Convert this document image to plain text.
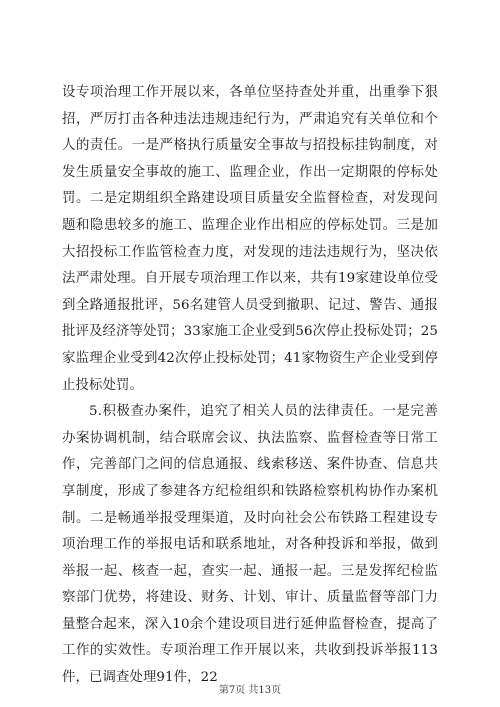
设专项治理工作开展以来，各单位坚持查处并重，出重拳下狠招，严厉打击各种违法违规违纪行为，严肃追究有关单位和个人的责任。一是严格执行质量安全事故与招投标挂钩制度，对发生质量安全事故的施工、监理企业，作出一定期限的停标处罚。二是定期组织全路建设项目质量安全监督检查，对发现问题和隐患较多的施工、监理企业作出相应的停标处罚。三是加大招投标工作监管检查力度，对发现的违法违规行为，坚决依法严肃处理。自开展专项治理工作以来，共有19家建设单位受到全路通报批评，56名建管人员受到撤职、记过、警告、通报批评及经济等处罚；33家施工企业受到56次停止投标处罚；25家监理企业受到42次停止投标处罚；41家物资生产企业受到停止投标处罚。

5.积极查办案件，追究了相关人员的法律责任。一是完善办案协调机制，结合联席会议、执法监察、监督检查等日常工作，完善部门之间的信息通报、线索移送、案件协查、信息共享制度，形成了参建各方纪检组织和铁路检察机构协作办案机制。二是畅通举报受理渠道，及时向社会公布铁路工程建设专项治理工作的举报电话和联系地址，对各种投诉和举报，做到举报一起、核查一起，查实一起、通报一起。三是发挥纪检监察部门优势，将建设、财务、计划、审计、质量监督等部门力量整合起来，深入10余个建设项目进行延伸监督检查，提高了工作的实效性。专项治理工作开展以来，共收到投诉举报113件，已调查处理91件，22

第7页 共13页
